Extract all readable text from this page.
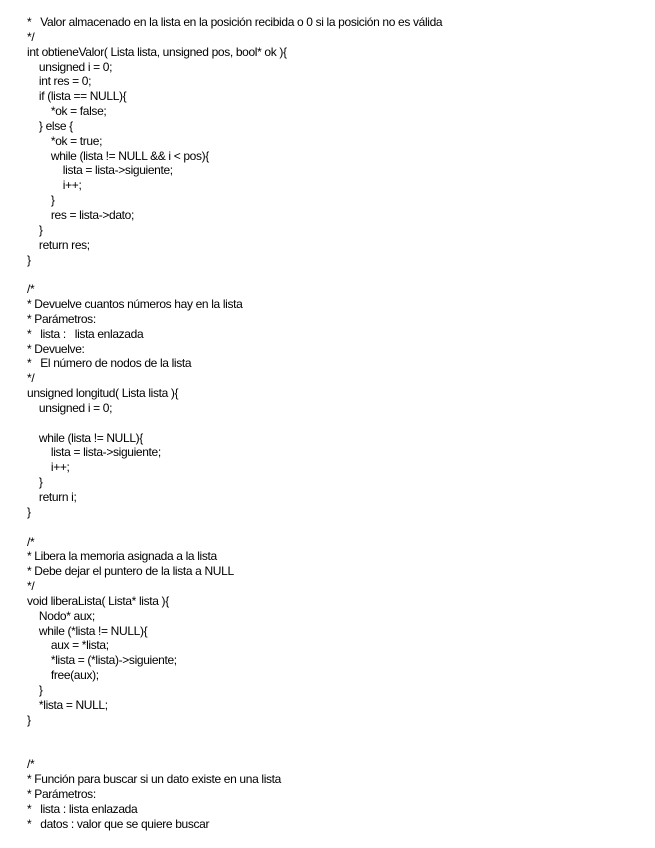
*   Valor almacenado en la lista en la posición recibida o 0 si la posición no es válida
*/
int obtieneValor( Lista lista, unsigned pos, bool* ok ){
unsigned i = 0;
int res = 0;
if (lista == NULL){
*ok = false;
} else {
*ok = true;
while (lista != NULL && i < pos){
lista = lista->siguiente;
i++;
}
res = lista->dato;
}
return res;
}
/*
* Devuelve cuantos números hay en la lista
* Parámetros:
*   lista :   lista enlazada
* Devuelve:
*   El número de nodos de la lista
*/
unsigned longitud( Lista lista ){
unsigned i = 0;
while (lista != NULL){
lista = lista->siguiente;
i++;
}
return i;
}
/*
* Libera la memoria asignada a la lista
* Debe dejar el puntero de la lista a NULL
*/
void liberaLista( Lista* lista ){
Nodo* aux;
while (*lista != NULL){
aux = *lista;
*lista = (*lista)->siguiente;
free(aux);
}
*lista = NULL;
}
/*
* Función para buscar si un dato existe en una lista
* Parámetros:
*   lista : lista enlazada
*   datos : valor que se quiere buscar
